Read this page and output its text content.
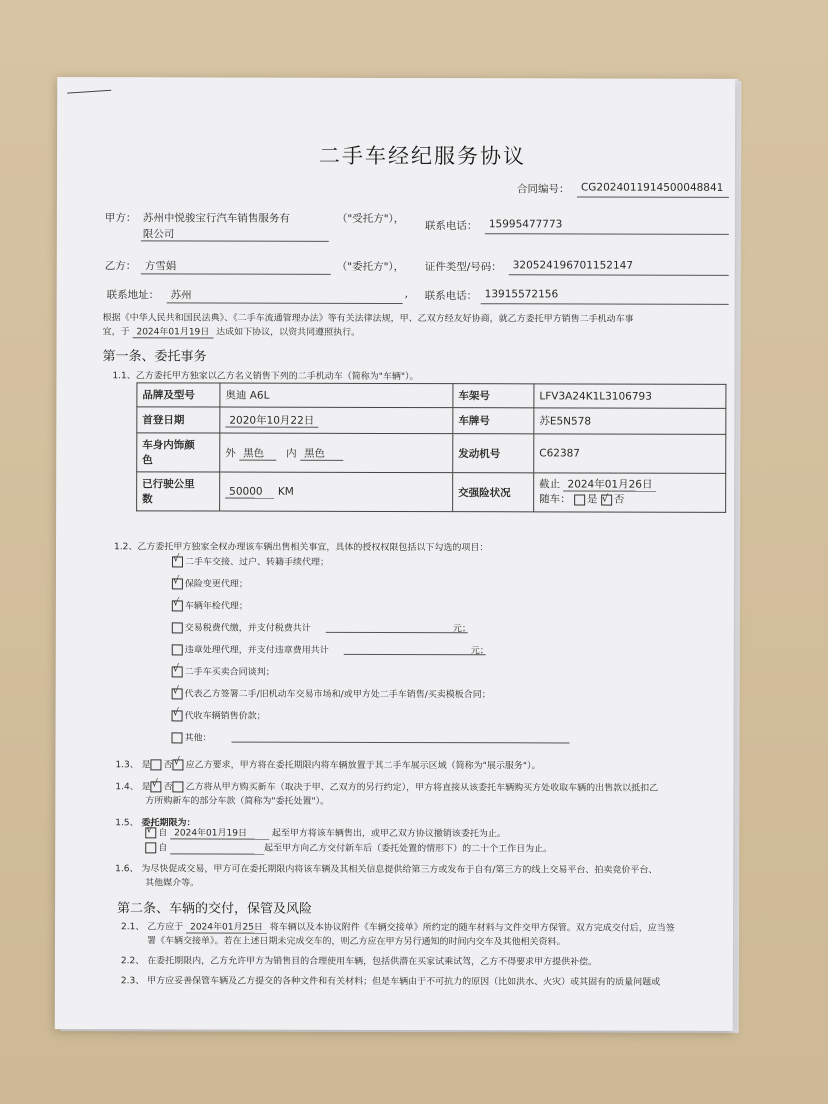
二手车经纪服务协议
合同编号： CG2024011914500048841
甲方： 苏州中悦骏宝行汽车销售服务有	（"受托方"），
限公司
联系电话： 15995477773
乙方： 方雪娟	（"委托方"）， 证件类型/号码： 320524196701152147
联系地址： 苏州	, 联系电话： 13915572156
根据《中华人民共和国民法典》、《二手车流通管理办法》等有关法律法规，甲、乙双方经友好协商，就乙方委托甲方销售二手机动车事
宜，于 2024年01月19日 达成如下协议，以资共同遵照执行。
第一条、委托事务
1.1、乙方委托甲方独家以乙方名义销售下列的二手机动车（简称为"车辆"）。
品牌及型号	奥迪 A6L	车架号	LFV3A24K1L3106793
首登日期	2020年10月22日	车牌号	苏E5N578
车身内饰颜
色	外 黑色 内 黑色	发动机号	C62387
已行驶公里
数	50000 KM	交强险状况	截止 2024年01月26日
随车： 是 √ 否
1.2、乙方委托甲方独家全权办理该车辆出售相关事宜，具体的授权权限包括以下勾选的项目：
√二手车交接、过户、转籍手续代理；
√保险变更代理；
√车辆年检代理；
交易税费代缴，并支付税费共计	元；
违章处理代理，并支付违章费用共计	元；
√二手车买卖合同谈判；
√代表乙方签署二手/旧机动车交易市场和/或甲方处二手车销售/买卖模板合同；
√代收车辆销售价款；
其他：
1.3、 是 否 √ 应乙方要求，甲方将在委托期限内将车辆放置于其二手车展示区域（简称为"展示服务"）。
1.4、 是 √ 否 乙方将从甲方购买新车（取决于甲、乙双方的另行约定），甲方将直接从该委托车辆购买方处收取车辆的出售款以抵扣乙
方所购新车的部分车款（简称为"委托处置"）。
1.5、 委托期限为：
√自 2024年01月19日	起至甲方将该车辆售出，或甲乙双方协议撤销该委托为止。
自	起至甲方向乙方交付新车后（委托处置的情形下）的二十个工作日为止。
1.6、 为尽快促成交易，甲方可在委托期限内将该车辆及其相关信息提供给第三方或发布于自有/第三方的线上交易平台、拍卖竞价平台、
其他媒介等。
第二条、车辆的交付，保管及风险
2.1、 乙方应于 2024年01月25日 将车辆以及本协议附件《车辆交接单》所约定的随车材料与文件交甲方保管。双方完成交付后，应当签
署《车辆交接单》。若在上述日期未完成交车的，则乙方应在甲方另行通知的时间内交车及其他相关资料。
2.2、 在委托期限内，乙方允许甲方为销售目的合理使用车辆，包括供潜在买家试乘试驾，乙方不得要求甲方提供补偿。
2.3、 甲方应妥善保管车辆及乙方提交的各种文件和有关材料；但是车辆由于不可抗力的原因（比如洪水、火灾）或其固有的质量问题或
